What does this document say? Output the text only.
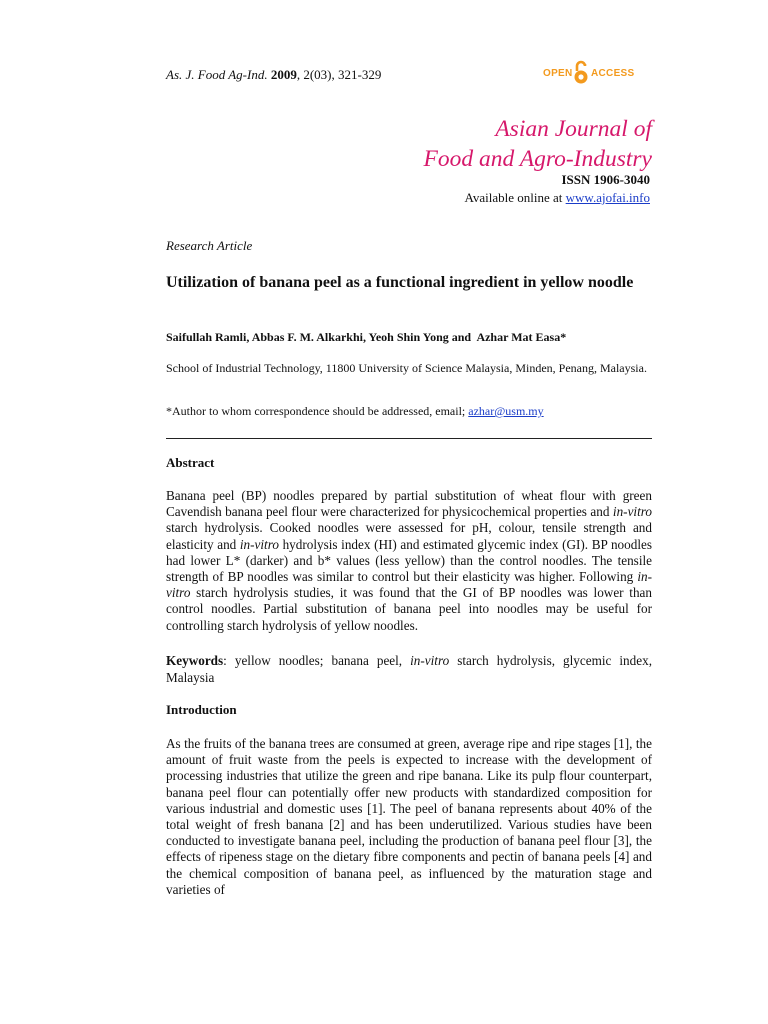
As. J. Food Ag-Ind. 2009, 2(03), 321-329	OPEN ACCESS
Asian Journal of
Food and Agro-Industry
ISSN 1906-3040
Available online at www.ajofai.info
Research Article
Utilization of banana peel as a functional ingredient in yellow noodle
Saifullah Ramli, Abbas F. M. Alkarkhi, Yeoh Shin Yong and  Azhar Mat Easa*
School of Industrial Technology, 11800 University of Science Malaysia, Minden, Penang, Malaysia.
*Author to whom correspondence should be addressed, email; azhar@usm.my
Abstract
Banana peel (BP) noodles prepared by partial substitution of wheat flour with green Cavendish banana peel flour were characterized for physicochemical properties and in-vitro starch hydrolysis. Cooked noodles were assessed for pH, colour, tensile strength and elasticity and in-vitro hydrolysis index (HI) and estimated glycemic index (GI). BP noodles had lower L* (darker) and b* values (less yellow) than the control noodles. The tensile strength of BP noodles was similar to control but their elasticity was higher. Following in-vitro starch hydrolysis studies, it was found that the GI of BP noodles was lower than control noodles. Partial substitution of banana peel into noodles may be useful for controlling starch hydrolysis of yellow noodles.
Keywords: yellow noodles; banana peel, in-vitro starch hydrolysis, glycemic index, Malaysia
Introduction
As the fruits of the banana trees are consumed at green, average ripe and ripe stages [1], the amount of fruit waste from the peels is expected to increase with the development of processing industries that utilize the green and ripe banana. Like its pulp flour counterpart, banana peel flour can potentially offer new products with standardized composition for various industrial and domestic uses [1]. The peel of banana represents about 40% of the total weight of fresh banana [2] and has been underutilized. Various studies have been conducted to investigate banana peel, including the production of banana peel flour [3], the effects of ripeness stage on the dietary fibre components and pectin of banana peels [4] and the chemical composition of banana peel, as influenced by the maturation stage and varieties of
